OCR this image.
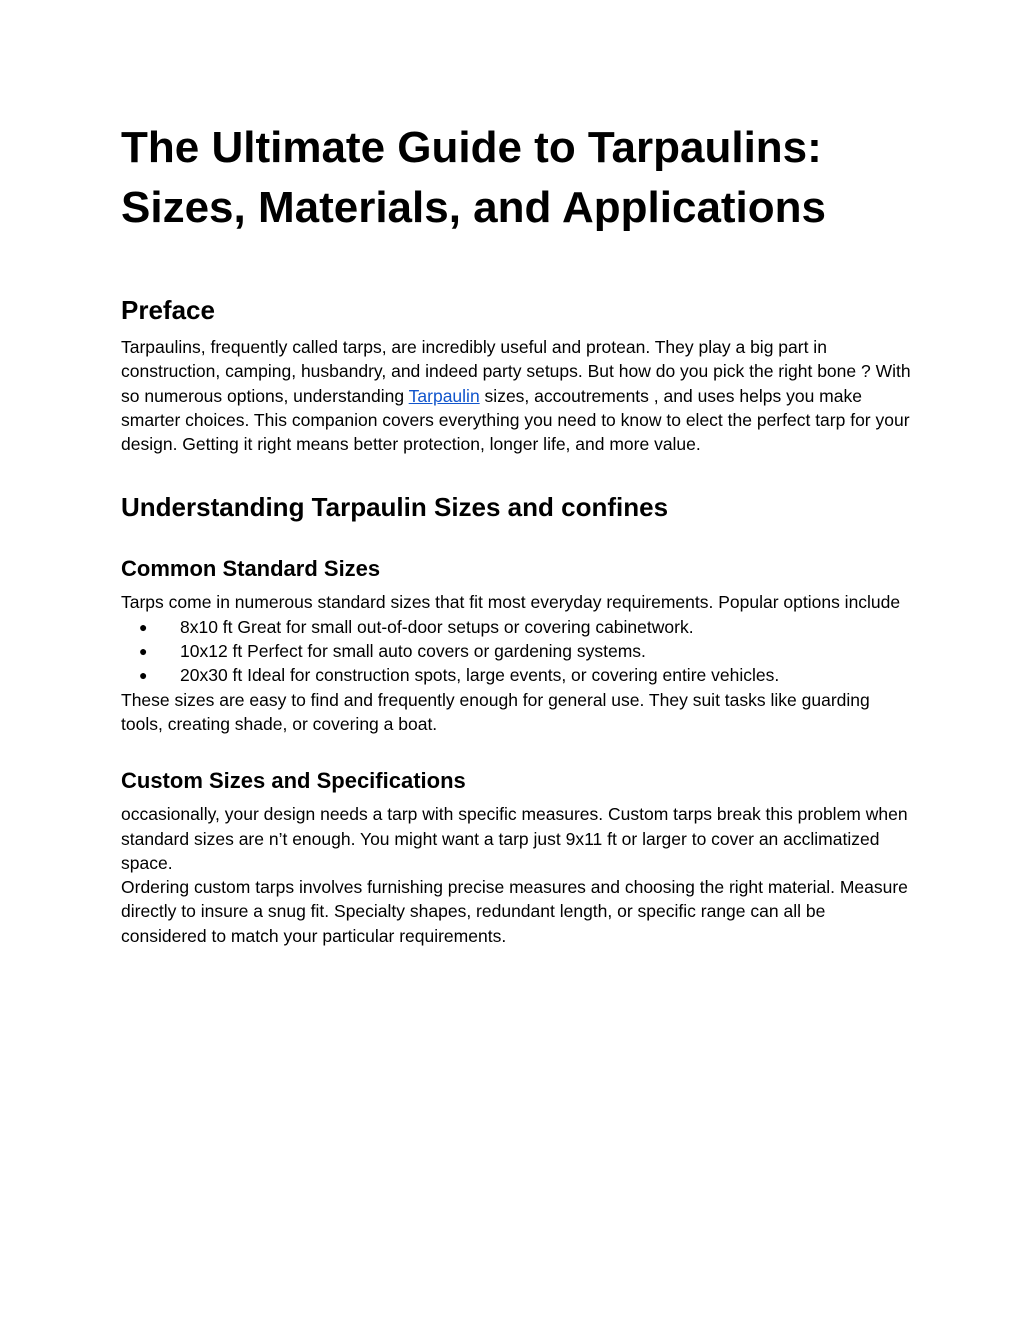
The Ultimate Guide to Tarpaulins:
Sizes, Materials, and Applications
Preface

Tarpaulins, frequently called tarps, are incredibly useful and protean. They play a big part in construction, camping, husbandry, and indeed party setups. But how do you pick the right bone ? With so numerous options, understanding Tarpaulin sizes, accoutrements , and uses helps you make smarter choices. This companion covers everything you need to know to elect the perfect tarp for your design. Getting it right means better protection, longer life, and more value.

Understanding Tarpaulin Sizes and confines
Common Standard Sizes

Tarps come in numerous standard sizes that fit most everyday requirements. Popular options include

● 8x10 ft Great for small out-of-door setups or covering cabinetwork.
● 10x12 ft Perfect for small auto covers or gardening systems.
● 20x30 ft Ideal for construction spots, large events, or covering entire vehicles.

These sizes are easy to find and frequently enough for general use. They suit tasks like guarding tools, creating shade, or covering a boat.

Custom Sizes and Specifications

occasionally, your design needs a tarp with specific measures. Custom tarps break this problem when standard sizes are n’t enough. You might want a tarp just 9x11 ft or larger to cover an acclimatized space.

Ordering custom tarps involves furnishing precise measures and choosing the right material. Measure directly to insure a snug fit. Specialty shapes, redundant length, or specific range can all be considered to match your particular requirements.
